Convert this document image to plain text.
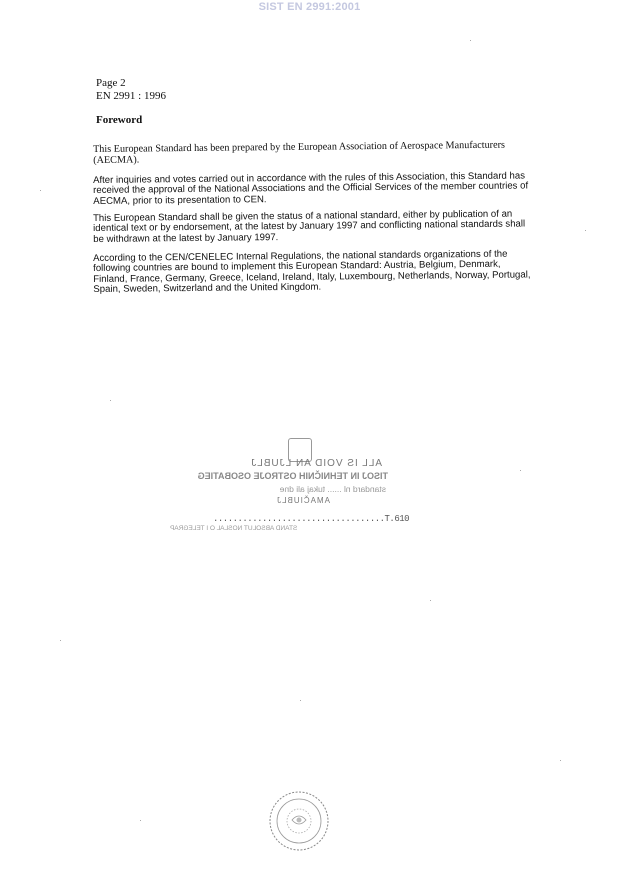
SIST EN 2991:2001
Page 2
EN 2991 : 1996
Foreword
This European Standard has been prepared by the European Association of Aerospace Manufacturers (AECMA).
After inquiries and votes carried out in accordance with the rules of this Association, this Standard has received the approval of the National Associations and the Official Services of the member countries of AECMA, prior to its presentation to CEN.
This European Standard shall be given the status of a national standard, either by publication of an identical text or by endorsement, at the latest by January 1997 and conflicting national standards shall be withdrawn at the latest by January 1997.
According to the CEN/CENELEC Internal Regulations, the national standards organizations of the following countries are bound to implement this European Standard: Austria, Belgium, Denmark, Finland, France, Germany, Greece, Iceland, Ireland, Italy, Luxembourg, Netherlands, Norway, Portugal, Spain, Sweden, Switzerland and the United Kingdom.
ALL IS VOID AN LJUBLJ
TISOJ IN TEHNIČNIH OSTROJE OSOBATIEG
standard nl ...... tukaj ali dne
AMAČIUBLJ
...................................T.610
STAND ABSOLUT NOSLAL O I TELEGRAP
